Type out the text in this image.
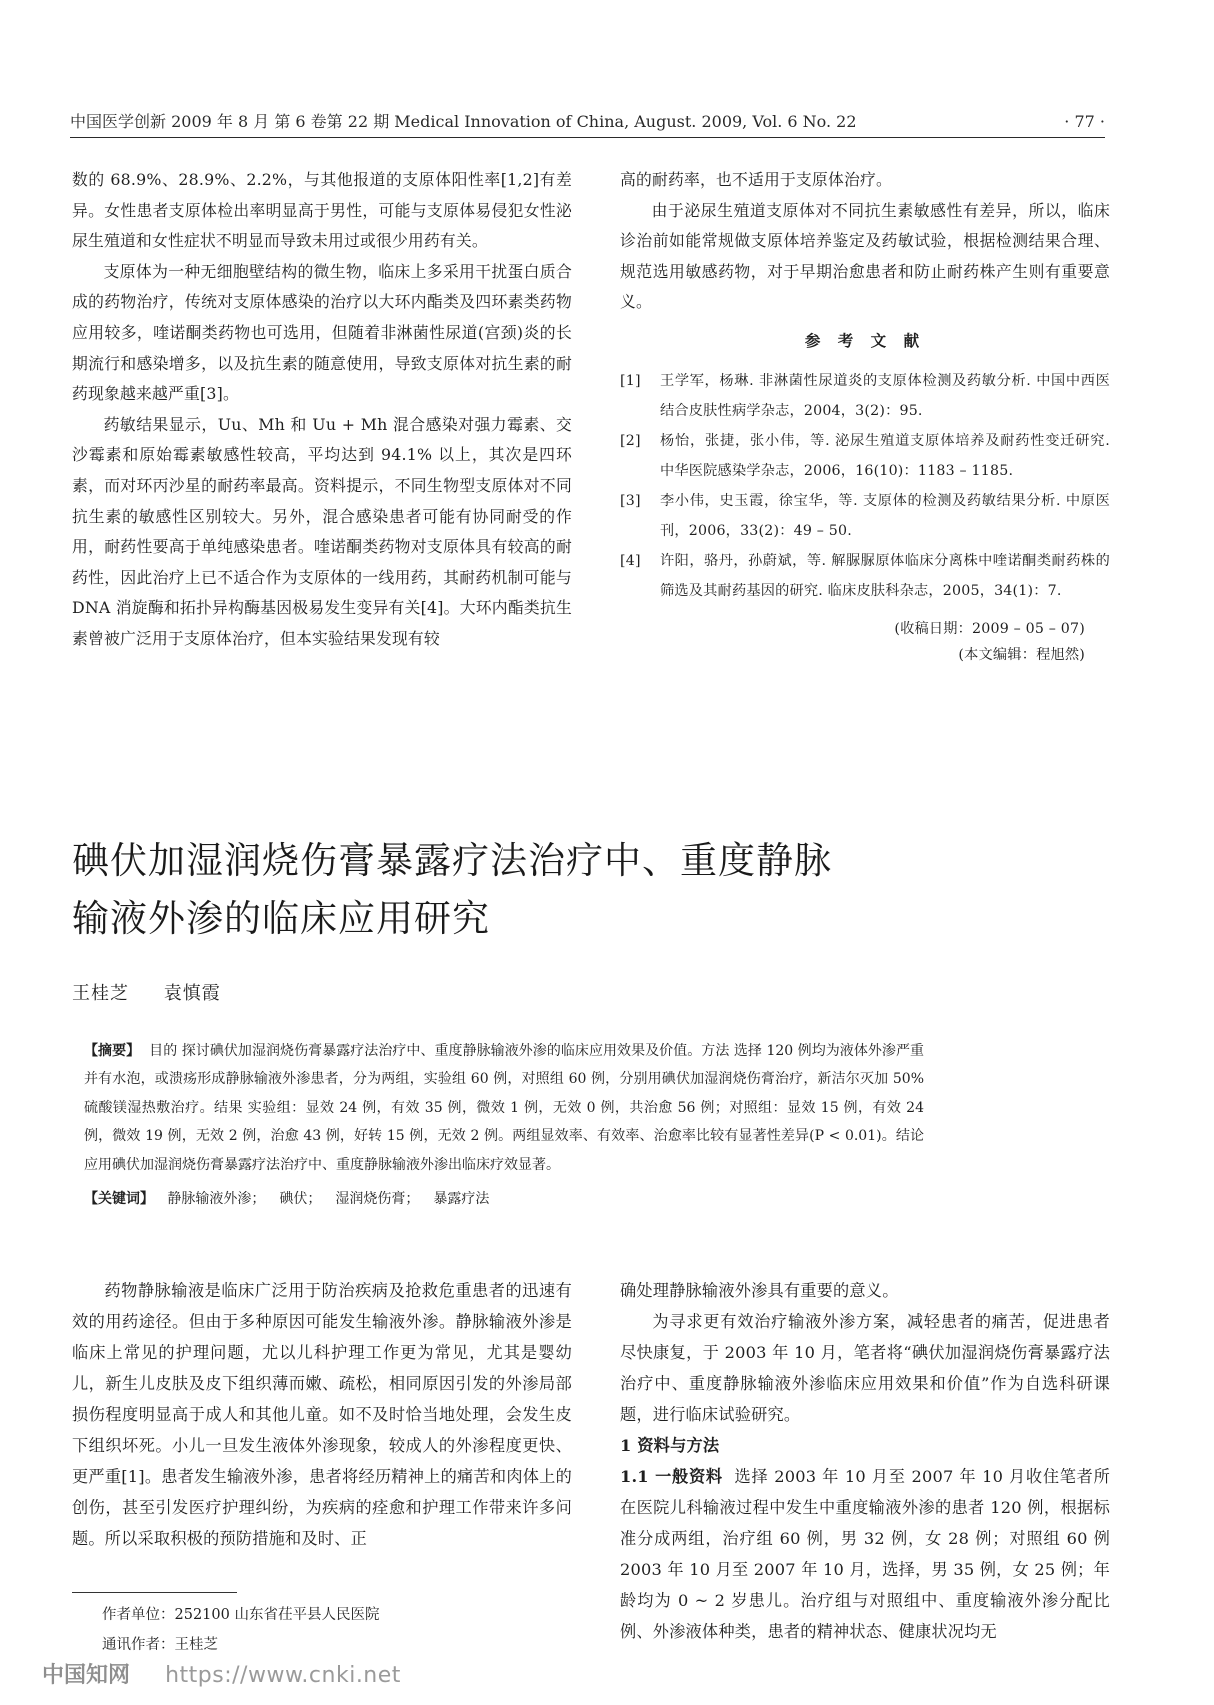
中国医学创新 2009 年 8 月 第 6 卷第 22 期 Medical Innovation of China, August. 2009, Vol. 6 No. 22	· 77 ·

数的 68.9%、28.9%、2.2%，与其他报道的支原体阳性率[1,2]有差异。女性患者支原体检出率明显高于男性，可能与支原体易侵犯女性泌尿生殖道和女性症状不明显而导致未用过或很少用药有关。

支原体为一种无细胞壁结构的微生物，临床上多采用干扰蛋白质合成的药物治疗，传统对支原体感染的治疗以大环内酯类及四环素类药物应用较多，喹诺酮类药物也可选用，但随着非淋菌性尿道(宫颈)炎的长期流行和感染增多，以及抗生素的随意使用，导致支原体对抗生素的耐药现象越来越严重[3]。

药敏结果显示，Uu、Mh 和 Uu + Mh 混合感染对强力霉素、交沙霉素和原始霉素敏感性较高，平均达到 94.1% 以上，其次是四环素，而对环丙沙星的耐药率最高。资料提示，不同生物型支原体对不同抗生素的敏感性区别较大。另外，混合感染患者可能有协同耐受的作用，耐药性要高于单纯感染患者。喹诺酮类药物对支原体具有较高的耐药性，因此治疗上已不适合作为支原体的一线用药，其耐药机制可能与 DNA 消旋酶和拓扑异构酶基因极易发生变异有关[4]。大环内酯类抗生素曾被广泛用于支原体治疗，但本实验结果发现有较

高的耐药率，也不适用于支原体治疗。

由于泌尿生殖道支原体对不同抗生素敏感性有差异，所以，临床诊治前如能常规做支原体培养鉴定及药敏试验，根据检测结果合理、规范选用敏感药物，对于早期治愈患者和防止耐药株产生则有重要意义。

参 考 文 献

[1] 王学军，杨琳. 非淋菌性尿道炎的支原体检测及药敏分析. 中国中西医结合皮肤性病学杂志，2004，3(2)：95.

[2] 杨怡，张捷，张小伟，等. 泌尿生殖道支原体培养及耐药性变迁研究. 中华医院感染学杂志，2006，16(10)：1183 – 1185.

[3] 李小伟，史玉霞，徐宝华，等. 支原体的检测及药敏结果分析. 中原医刊，2006，33(2)：49 – 50.

[4] 许阳，骆丹，孙蔚斌，等. 解脲脲原体临床分离株中喹诺酮类耐药株的筛选及其耐药基因的研究. 临床皮肤科杂志，2005，34(1)：7.

(收稿日期：2009 – 05 – 07)
(本文编辑：程旭然)
碘伏加湿润烧伤膏暴露疗法治疗中、重度静脉
输液外渗的临床应用研究
王桂芝 袁慎霞

【摘要】 目的 探讨碘伏加湿润烧伤膏暴露疗法治疗中、重度静脉输液外渗的临床应用效果及价值。方法 选择 120 例均为液体外渗严重并有水泡，或溃疡形成静脉输液外渗患者，分为两组，实验组 60 例，对照组 60 例，分别用碘伏加湿润烧伤膏治疗，新洁尔灭加 50% 硫酸镁湿热敷治疗。结果 实验组：显效 24 例，有效 35 例，微效 1 例，无效 0 例，共治愈 56 例；对照组：显效 15 例，有效 24 例，微效 19 例，无效 2 例，治愈 43 例，好转 15 例，无效 2 例。两组显效率、有效率、治愈率比较有显著性差异(P < 0.01)。结论 应用碘伏加湿润烧伤膏暴露疗法治疗中、重度静脉输液外渗出临床疗效显著。

【关键词】 静脉输液外渗； 碘伏； 湿润烧伤膏； 暴露疗法

药物静脉输液是临床广泛用于防治疾病及抢救危重患者的迅速有效的用药途径。但由于多种原因可能发生输液外渗。静脉输液外渗是临床上常见的护理问题，尤以儿科护理工作更为常见，尤其是婴幼儿，新生儿皮肤及皮下组织薄而嫩、疏松，相同原因引发的外渗局部损伤程度明显高于成人和其他儿童。如不及时恰当地处理，会发生皮下组织坏死。小儿一旦发生液体外渗现象，较成人的外渗程度更快、更严重[1]。患者发生输液外渗，患者将经历精神上的痛苦和肉体上的创伤，甚至引发医疗护理纠纷，为疾病的痊愈和护理工作带来许多问题。所以采取积极的预防措施和及时、正

确处理静脉输液外渗具有重要的意义。

为寻求更有效治疗输液外渗方案，减轻患者的痛苦，促进患者尽快康复，于 2003 年 10 月，笔者将“碘伏加湿润烧伤膏暴露疗法治疗中、重度静脉输液外渗临床应用效果和价值”作为自选科研课题，进行临床试验研究。

1 资料与方法

1.1 一般资料 选择 2003 年 10 月至 2007 年 10 月收住笔者所在医院儿科输液过程中发生中重度输液外渗的患者 120 例，根据标准分成两组，治疗组 60 例，男 32 例，女 28 例；对照组 60 例 2003 年 10 月至 2007 年 10 月，选择，男 35 例，女 25 例；年龄均为 0 ~ 2 岁患儿。治疗组与对照组中、重度输液外渗分配比例、外渗液体种类，患者的精神状态、健康状况均无

作者单位：252100 山东省茌平县人民医院

通讯作者：王桂芝

中国知网 https://www.cnki.net
